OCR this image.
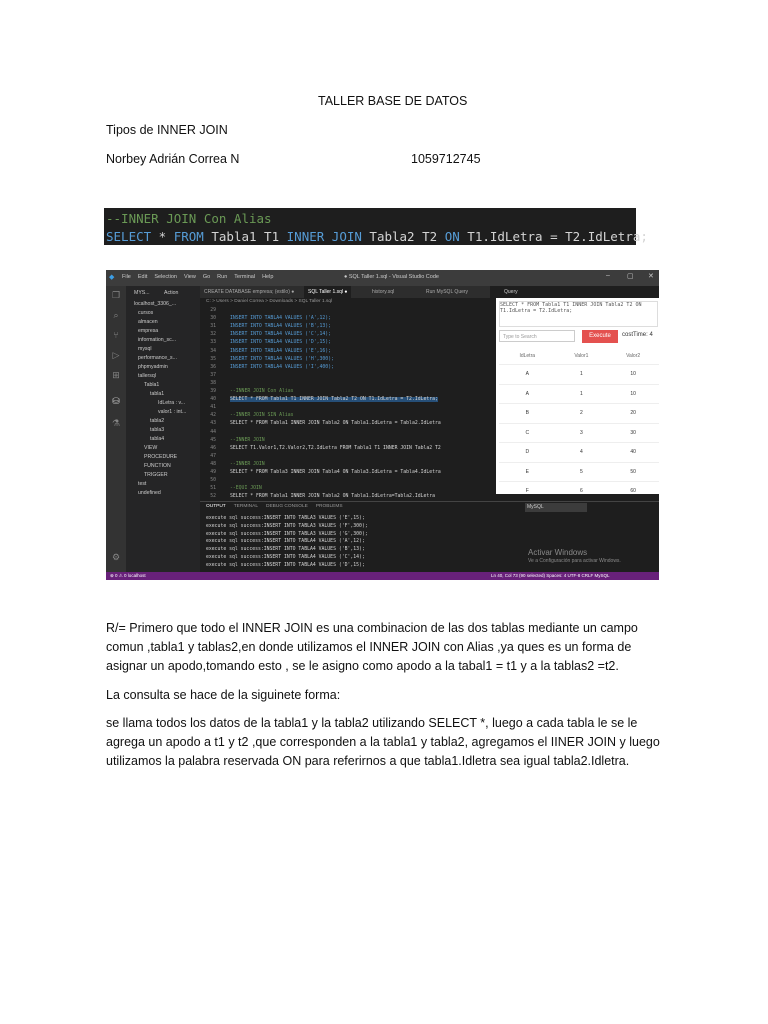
TALLER BASE DE DATOS
Tipos de INNER JOIN
Norbey Adrián Correa N	1059712745
--INNER JOIN Con Alias
SELECT * FROM Tabla1 T1 INNER JOIN Tabla2 T2 ON T1.IdLetra = T2.IdLetra;
◆ File Edit Selection View Go Run Terminal Help	● SQL Taller 1.sql - Visual Studio Code	– ▢ ✕
❐
⌕
⑂
▷
⊞
⛁
⚗
⚙
MYS...	Action
localhost_3306_...
cursos
almacen
empresa
information_sc...
mysql
performance_s...
phpmyadmin
tallersql
Tabla1
tabla1
IdLetra : v...
valor1 : int...
tabla2
tabla3
tabla4
VIEW
PROCEDURE
FUNCTION
TRIGGER
test
undefined
CREATE DATABASE empresa; (estilo) ●	SQL Taller 1.sql ●	history.sql	Run MySQL Query
C: > Users > Daniel Correa > Downloads > SQL Taller 1.sql
29
30	INSERT INTO TABLA4 VALUES ('A',12);
31	INSERT INTO TABLA4 VALUES ('B',13);
32	INSERT INTO TABLA4 VALUES ('C',14);
33	INSERT INTO TABLA4 VALUES ('D',15);
34	INSERT INTO TABLA4 VALUES ('E',16);
35	INSERT INTO TABLA4 VALUES ('H',300);
36	INSERT INTO TABLA4 VALUES ('I',400);
37
38
39	--INNER JOIN Con Alias
40	SELECT * FROM Tabla1 T1 INNER JOIN Tabla2 T2 ON T1.IdLetra = T2.IdLetra;
41
42	--INNER JOIN SIN Alias
43	SELECT * FROM Tabla1 INNER JOIN Tabla2 ON Tabla1.IdLetra = Tabla2.IdLetra
44
45	--INNER JOIN
46	SELECT T1.Valor1,T2.Valor2,T2.IdLetra FROM Tabla1 T1 INNER JOIN Tabla2 T2
47
48	--INNER JOIN
49	SELECT * FROM Tabla3 INNER JOIN Tabla4 ON Tabla3.IdLetra = Tabla4.IdLetra
50
51	--EQUI JOIN
52	SELECT * FROM Tabla1 INNER JOIN Tabla2 ON Tabla1.IdLetra=Tabla2.IdLetra
Query
SELECT * FROM Tabla1 T1 INNER JOIN Tabla2 T2 ON T1.IdLetra = T2.IdLetra;
Type to Search	Execute	costTime: 4
IdLetra	Valor1	Valor2
A	1	10
A	1	10
B	2	20
C	3	30
D	4	40
E	5	50
F	6	60
OUTPUT TERMINAL DEBUG CONSOLE PROBLEMS	MySQL
execute sql success:INSERT INTO TABLA3 VALUES ('E',15);
execute sql success:INSERT INTO TABLA3 VALUES ('F',300);
execute sql success:INSERT INTO TABLA3 VALUES ('G',300);
execute sql success:INSERT INTO TABLA4 VALUES ('A',12);
execute sql success:INSERT INTO TABLA4 VALUES ('B',13);
execute sql success:INSERT INTO TABLA4 VALUES ('C',14);
execute sql success:INSERT INTO TABLA4 VALUES ('D',15);
Activar Windows
Ve a Configuración para activar Windows.
⊗ 0 ⚠ 0 localhost	Ln 40, Col 73 (90 selected) Spaces: 4 UTF-8 CRLF MySQL
R/= Primero que todo el INNER JOIN es una combinacion de las dos tablas mediante un campo
comun ,tabla1 y tablas2,en donde utilizamos el INNER JOIN con Alias ,ya ques es un forma de
asignar un apodo,tomando esto , se le asigno como apodo a la tabal1 = t1 y a la tablas2 =t2.
La consulta se hace de la siguinete forma:
se llama todos los datos de la tabla1 y la tabla2 utilizando SELECT *, luego a cada tabla le se le
agrega un apodo a t1 y t2 ,que corresponden a la tabla1 y tabla2, agregamos el IINER JOIN y luego
utilizamos la palabra reservada ON para referirnos a que tabla1.Idletra sea igual tabla2.Idletra.
